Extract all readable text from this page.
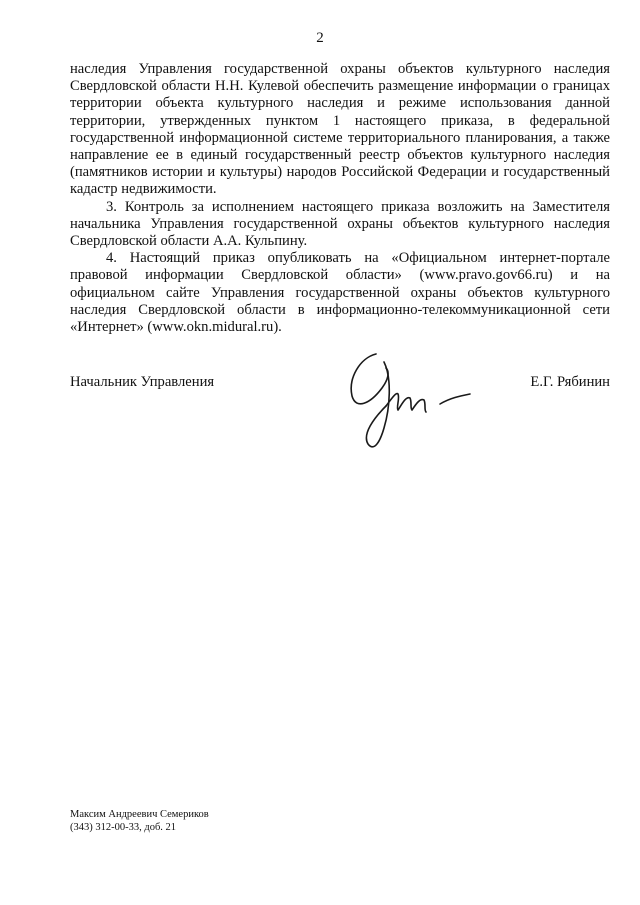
2

наследия Управления государственной охраны объектов культурного наследия Свердловской области Н.Н. Кулевой обеспечить размещение информации о границах территории объекта культурного наследия и режиме использования данной территории, утвержденных пунктом 1 настоящего приказа, в федеральной государственной информационной системе территориального планирования, а также направление ее в единый государственный реестр объектов культурного наследия (памятников истории и культуры) народов Российской Федерации и государственный кадастр недвижимости.

3. Контроль за исполнением настоящего приказа возложить на Заместителя начальника Управления государственной охраны объектов культурного наследия Свердловской области А.А. Кульпину.

4. Настоящий приказ опубликовать на «Официальном интернет-портале правовой информации Свердловской области» (www.pravo.gov66.ru) и на официальном сайте Управления государственной охраны объектов культурного наследия Свердловской области в информационно-телекоммуникационной сети «Интернет» (www.okn.midural.ru).

Начальник Управления	Е.Г. Рябинин
Максим Андреевич Семериков
(343) 312-00-33, доб. 21
